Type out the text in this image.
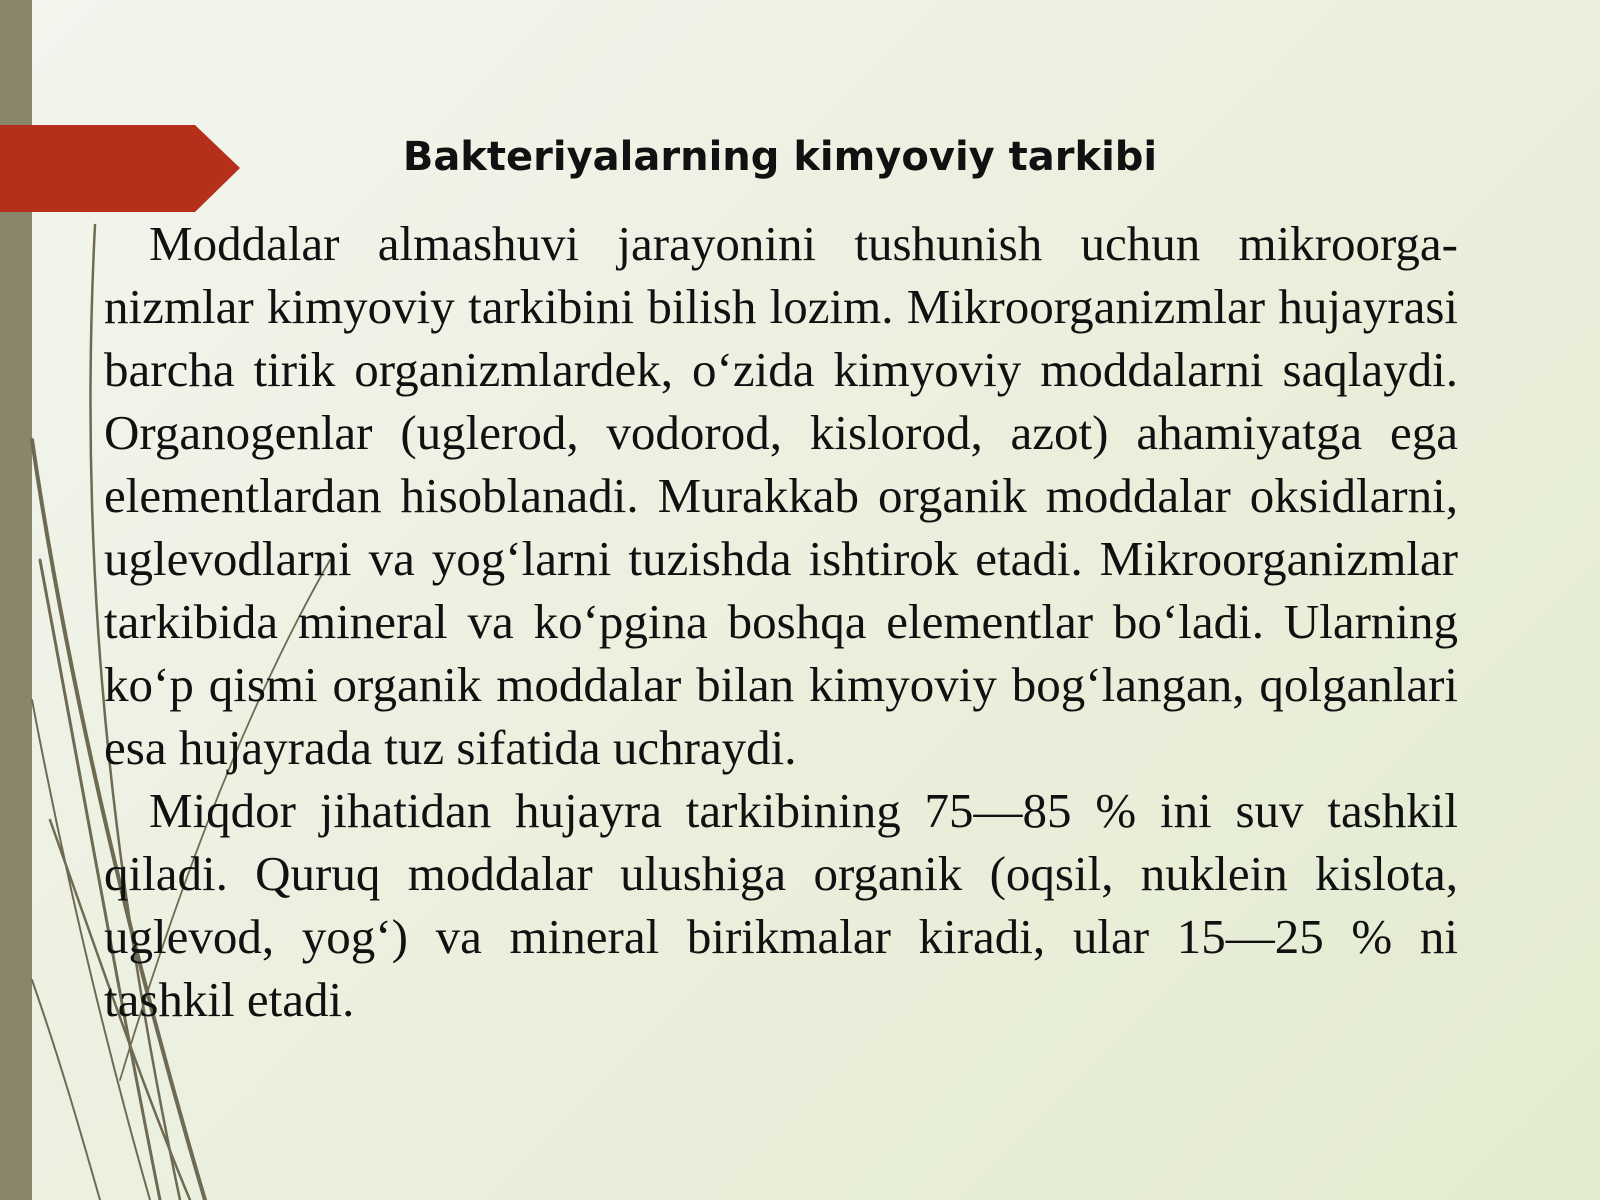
Bakteriyalarning kimyoviy tarkibi

Moddalar almashuvi jarayonini tushunish uchun mikroorga-nizmlar kimyoviy tarkibini bilish lozim. Mikroorganizmlar hujayrasi barcha tirik organizmlardek, o‘zida kimyoviy moddalarni saqlaydi. Organogenlar (uglerod, vodorod, kislorod, azot) ahamiyatga ega elementlardan hisoblanadi. Murakkab organik moddalar oksidlarni, uglevodlarni va yog‘larni tuzishda ishtirok etadi. Mikroorganizmlar tarkibida mineral va ko‘pgina boshqa elementlar bo‘ladi. Ularning ko‘p qismi organik moddalar bilan kimyoviy bog‘langan, qolganlari esa hujayrada tuz sifatida uchraydi.

Miqdor jihatidan hujayra tarkibining 75—85 % ini suv tashkil qiladi. Quruq moddalar ulushiga organik (oqsil, nuklein kislota, uglevod, yog‘) va mineral birikmalar kiradi, ular 15—25 % ni tashkil etadi.
